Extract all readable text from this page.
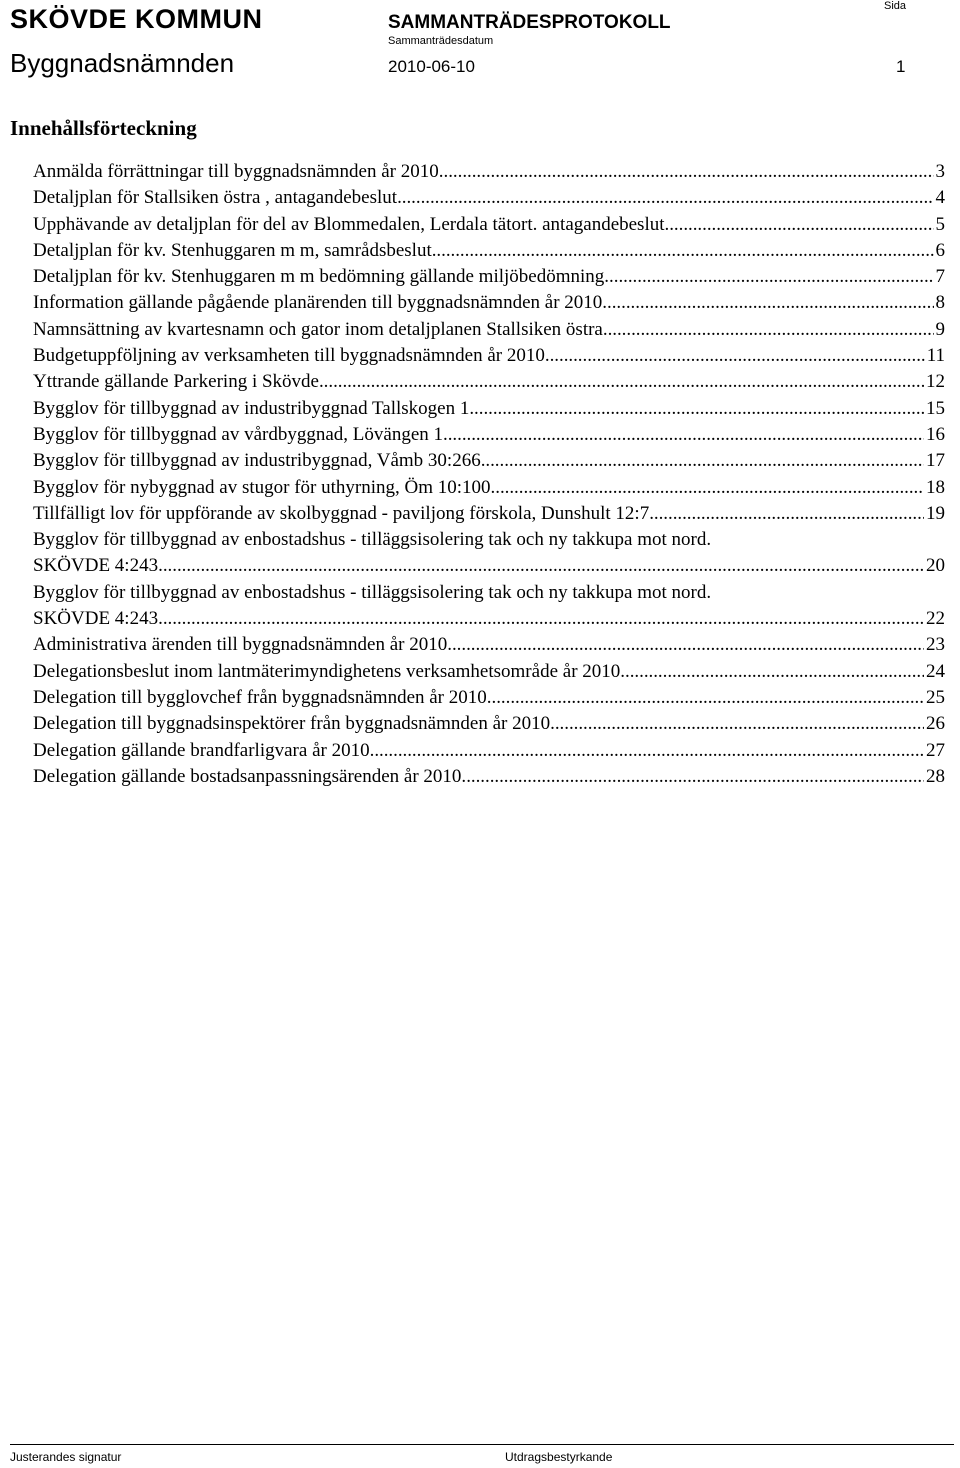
SKÖVDE KOMMUN	SAMMANTRÄDESPROTOKOLL
Sammanträdesdatum
Sida
Byggnadsnämnden	2010-06-10	1
Innehållsförteckning
Anmälda förrättningar till byggnadsnämnden år 2010. . . .	3
Detaljplan för Stallsiken östra , antagandebeslut . . .	4
Upphävande av detaljplan för del av Blommedalen, Lerdala tätort. antagandebeslut . . .	5
Detaljplan för kv. Stenhuggaren m m, samrådsbeslut . . .	6
Detaljplan för kv. Stenhuggaren m m bedömning gällande miljöbedömning. . . .	7
Information gällande pågående planärenden till byggnadsnämnden år 2010. . . .	8
Namnsättning av kvartesnamn och gator inom detaljplanen Stallsiken östra . . .	9
Budgetuppföljning av verksamheten till byggnadsnämnden år 2010. . . .	11
Yttrande gällande Parkering i Skövde . . .	12
Bygglov för tillbyggnad av industribyggnad Tallskogen 1 . . .	15
Bygglov för tillbyggnad av vårdbyggnad, Lövängen 1 . . .	16
Bygglov för tillbyggnad av industribyggnad, Våmb 30:266 . . .	17
Bygglov för nybyggnad av stugor för uthyrning, Öm 10:100 . . .	18
Tillfälligt lov för uppförande av skolbyggnad - paviljong förskola, Dunshult 12:7 . . .	19
Bygglov för tillbyggnad av enbostadshus - tilläggsisolering tak och ny takkupa mot nord.
SKÖVDE 4:243. . . .	20
Bygglov för tillbyggnad av enbostadshus - tilläggsisolering tak och ny takkupa mot nord.
SKÖVDE 4:243. . . .	22
Administrativa ärenden till byggnadsnämnden år 2010. . . .	23
Delegationsbeslut inom lantmäterimyndighetens verksamhetsområde år 2010. . . .	24
Delegation till bygglovchef från byggnadsnämnden år 2010. . . .	25
Delegation till byggnadsinspektörer från byggnadsnämnden år 2010. . . .	26
Delegation gällande brandfarligvara år 2010. . . .	27
Delegation gällande bostadsanpassningsärenden år 2010. . . .	28
Justerandes signatur	Utdragsbestyrkande
